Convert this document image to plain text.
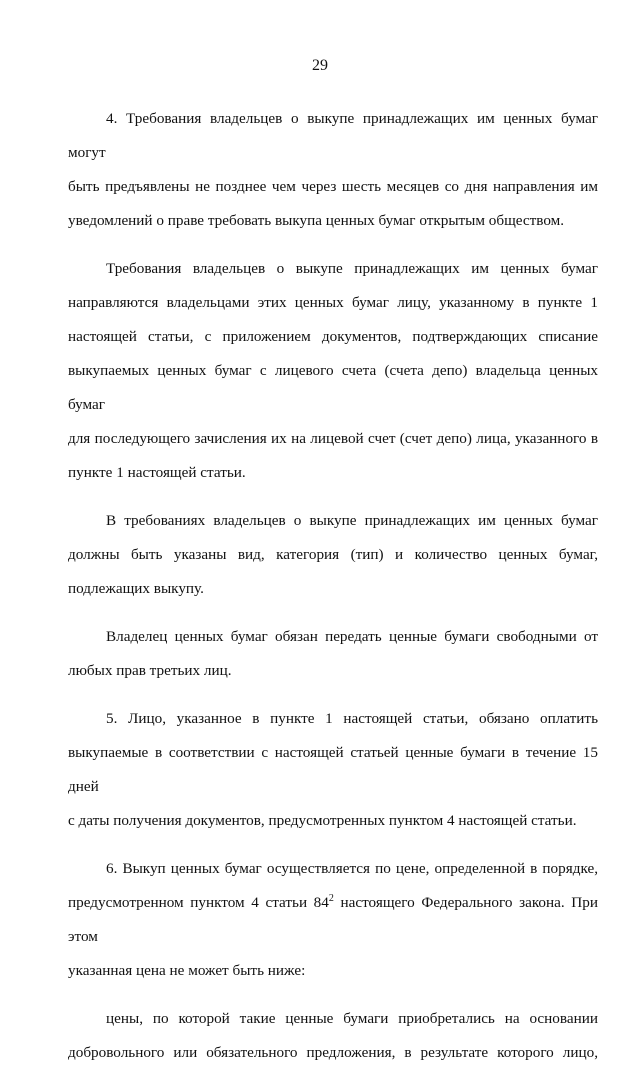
29

4. Требования владельцев о выкупе принадлежащих им ценных бумаг могут
быть предъявлены не позднее чем через шесть месяцев со дня направления им
уведомлений о праве требовать выкупа ценных бумаг открытым обществом.

Требования владельцев о выкупе принадлежащих им ценных бумаг
направляются владельцами этих ценных бумаг лицу, указанному в пункте 1
настоящей статьи, с приложением документов, подтверждающих списание
выкупаемых ценных бумаг с лицевого счета (счета депо) владельца ценных бумаг
для последующего зачисления их на лицевой счет (счет депо) лица, указанного в
пункте 1 настоящей статьи.

В требованиях владельцев о выкупе принадлежащих им ценных бумаг
должны быть указаны вид, категория (тип) и количество ценных бумаг,
подлежащих выкупу.

Владелец ценных бумаг обязан передать ценные бумаги свободными от
любых прав третьих лиц.

5. Лицо, указанное в пункте 1 настоящей статьи, обязано оплатить
выкупаемые в соответствии с настоящей статьей ценные бумаги в течение 15 дней
с даты получения документов, предусмотренных пунктом 4 настоящей статьи.

6. Выкуп ценных бумаг осуществляется по цене, определенной в порядке,
предусмотренном пунктом 4 статьи $84^2$ настоящего Федерального закона. При этом
указанная цена не может быть ниже:

цены, по которой такие ценные бумаги приобретались на основании
добровольного или обязательного предложения, в результате которого лицо,
